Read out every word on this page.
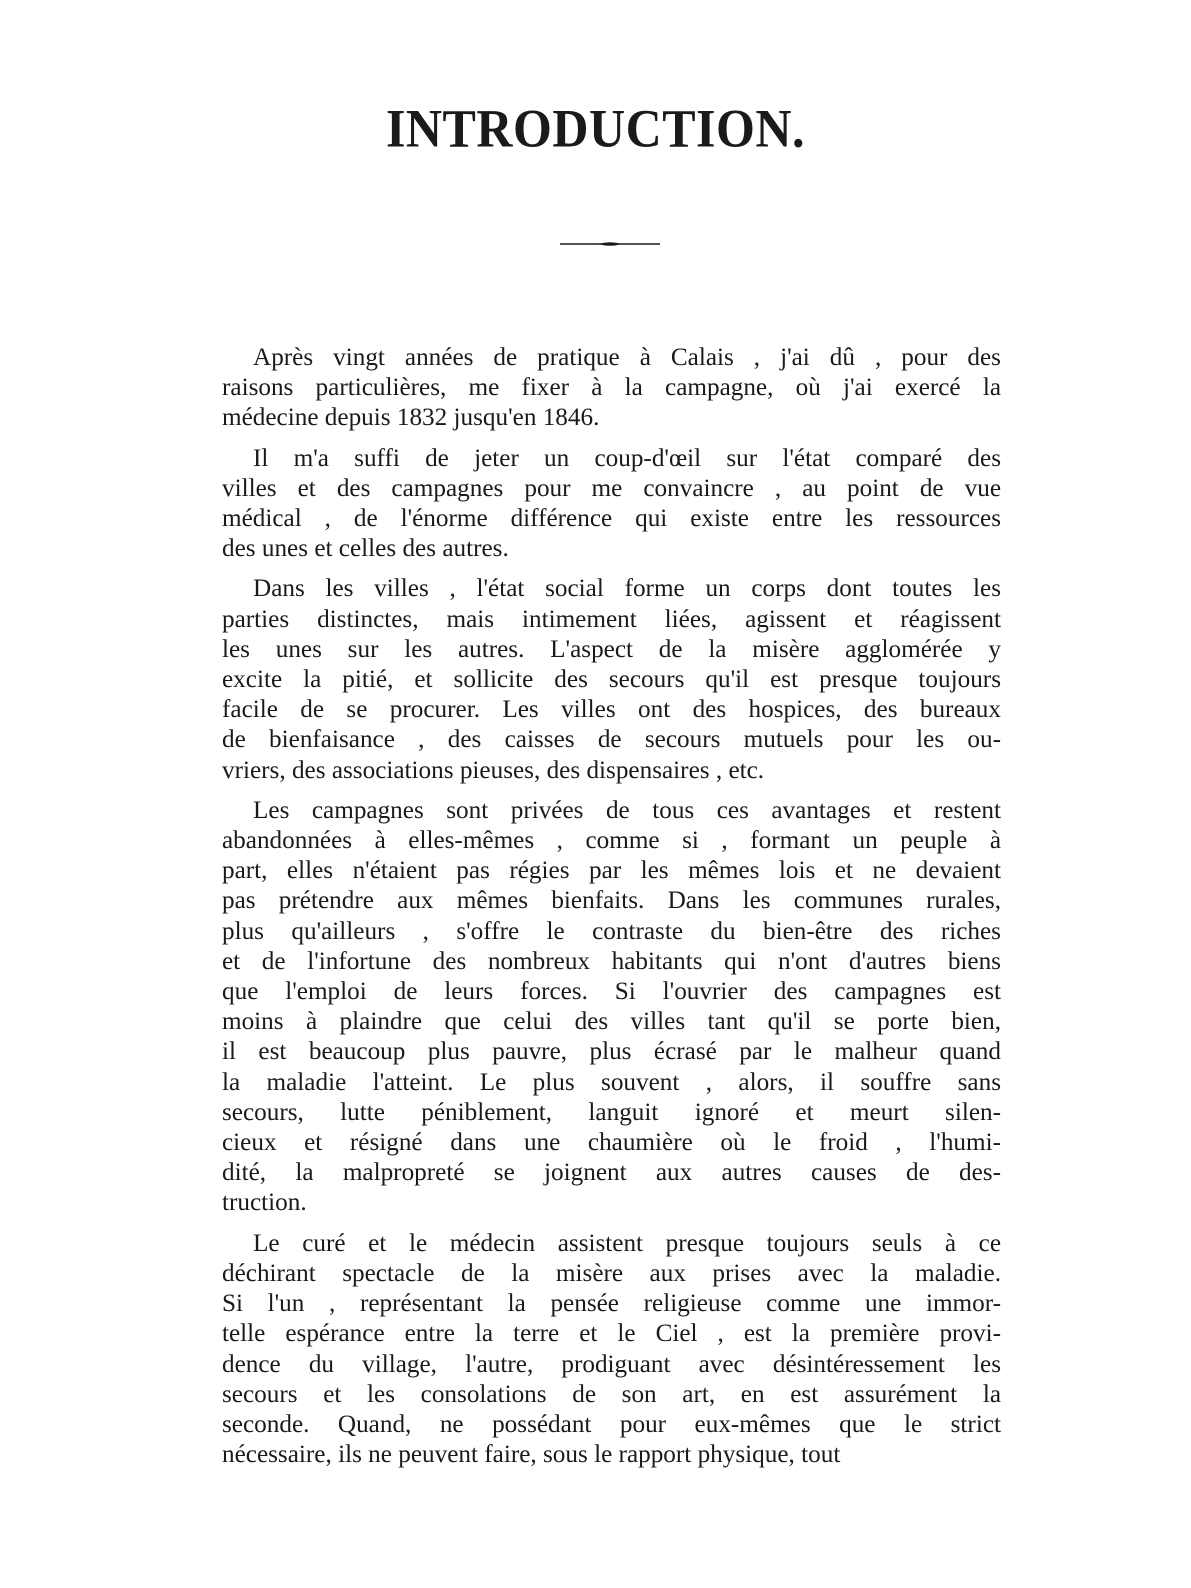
INTRODUCTION.
Après vingt années de pratique à Calais , j'ai dû , pour des
raisons particulières, me fixer à la campagne, où j'ai exercé la
médecine depuis 1832 jusqu'en 1846.
Il m'a suffi de jeter un coup-d'œil sur l'état comparé des
villes et des campagnes pour me convaincre , au point de vue
médical , de l'énorme différence qui existe entre les ressources
des unes et celles des autres.
Dans les villes , l'état social forme un corps dont toutes les
parties distinctes, mais intimement liées, agissent et réagissent
les unes sur les autres. L'aspect de la misère agglomérée y
excite la pitié, et sollicite des secours qu'il est presque toujours
facile de se procurer. Les villes ont des hospices, des bureaux
de bienfaisance , des caisses de secours mutuels pour les ou-
vriers, des associations pieuses, des dispensaires , etc.
Les campagnes sont privées de tous ces avantages et restent
abandonnées à elles-mêmes , comme si , formant un peuple à
part, elles n'étaient pas régies par les mêmes lois et ne devaient
pas prétendre aux mêmes bienfaits. Dans les communes rurales,
plus qu'ailleurs , s'offre le contraste du bien-être des riches
et de l'infortune des nombreux habitants qui n'ont d'autres biens
que l'emploi de leurs forces. Si l'ouvrier des campagnes est
moins à plaindre que celui des villes tant qu'il se porte bien,
il est beaucoup plus pauvre, plus écrasé par le malheur quand
la maladie l'atteint. Le plus souvent , alors, il souffre sans
secours, lutte péniblement, languit ignoré et meurt silen-
cieux et résigné dans une chaumière où le froid , l'humi-
dité, la malpropreté se joignent aux autres causes de des-
truction.
Le curé et le médecin assistent presque toujours seuls à ce
déchirant spectacle de la misère aux prises avec la maladie.
Si l'un , représentant la pensée religieuse comme une immor-
telle espérance entre la terre et le Ciel , est la première provi-
dence du village, l'autre, prodiguant avec désintéressement les
secours et les consolations de son art, en est assurément la
seconde. Quand, ne possédant pour eux-mêmes que le strict
nécessaire, ils ne peuvent faire, sous le rapport physique, tout
